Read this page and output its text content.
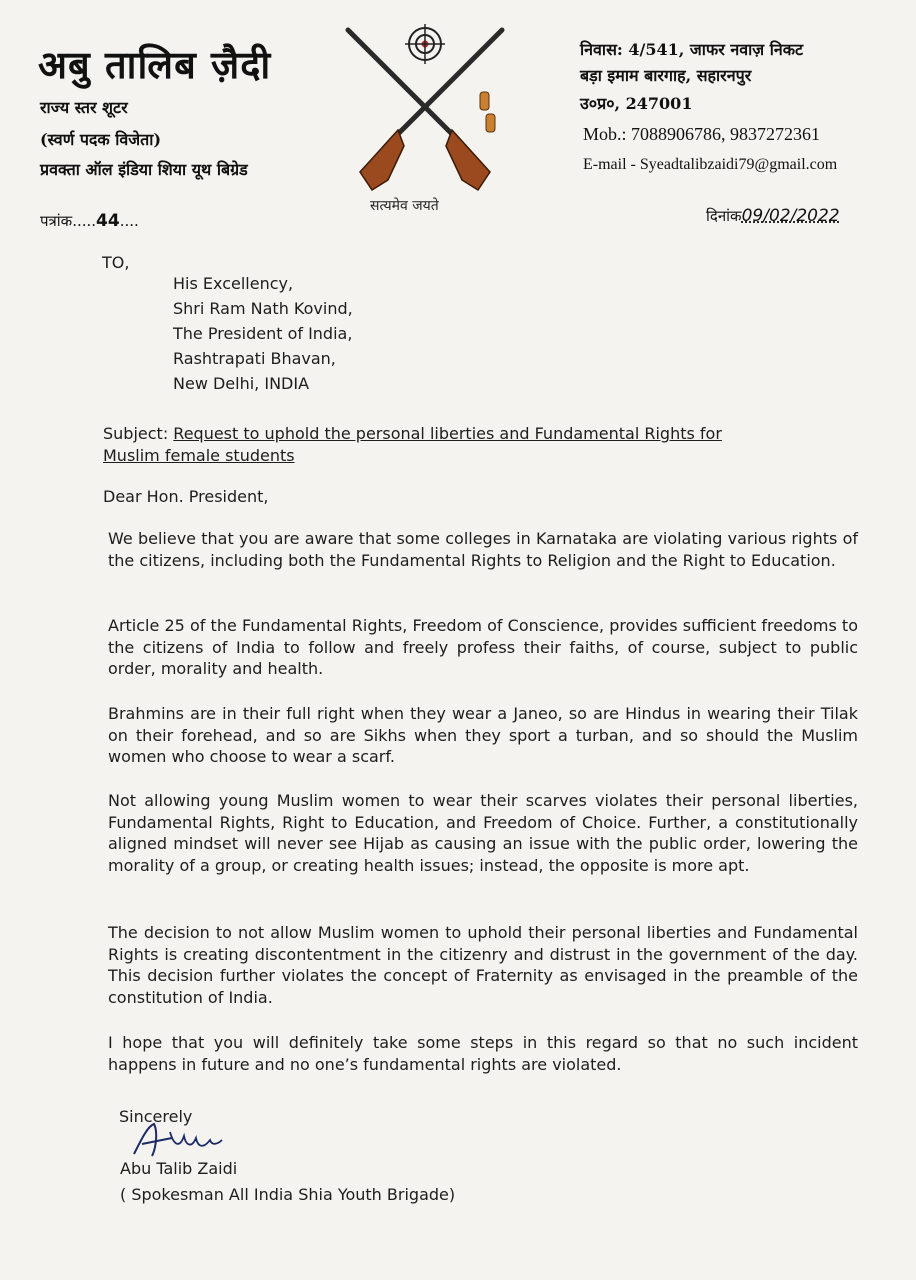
अबु तालिब ज़ैदी
राज्य स्तर शूटर
(स्वर्ण पदक विजेता)
प्रवक्ता ऑल इंडिया शिया यूथ बिग्रेड
सत्यमेव जयते
निवास: 4/541, जाफर नवाज़ निकट
बड़ा इमाम बारगाह, सहारनपुर
उ०प्र०, 247001
Mob.: 7088906786, 9837272361
E-mail - Syeadtalibzaidi79@gmail.com
पत्रांक.....44....	दिनांक09/02/2022
TO,
His Excellency,
Shri Ram Nath Kovind,
The President of India,
Rashtrapati Bhavan,
New Delhi, INDIA
Subject: Request to uphold the personal liberties and Fundamental Rights for
Muslim female students
Dear Hon. President,
We believe that you are aware that some colleges in Karnataka are violating various rights of the citizens, including both the Fundamental Rights to Religion and the Right to Education.
Article 25 of the Fundamental Rights, Freedom of Conscience, provides sufficient freedoms to the citizens of India to follow and freely profess their faiths, of course, subject to public order, morality and health.
Brahmins are in their full right when they wear a Janeo, so are Hindus in wearing their Tilak on their forehead, and so are Sikhs when they sport a turban, and so should the Muslim women who choose to wear a scarf.
Not allowing young Muslim women to wear their scarves violates their personal liberties, Fundamental Rights, Right to Education, and Freedom of Choice. Further, a constitutionally aligned mindset will never see Hijab as causing an issue with the public order, lowering the morality of a group, or creating health issues; instead, the opposite is more apt.
The decision to not allow Muslim women to uphold their personal liberties and Fundamental Rights is creating discontentment in the citizenry and distrust in the government of the day. This decision further violates the concept of Fraternity as envisaged in the preamble of the constitution of India.
I hope that you will definitely take some steps in this regard so that no such incident happens in future and no one’s fundamental rights are violated.
Sincerely
Abu Talib Zaidi
( Spokesman All India Shia Youth Brigade)
